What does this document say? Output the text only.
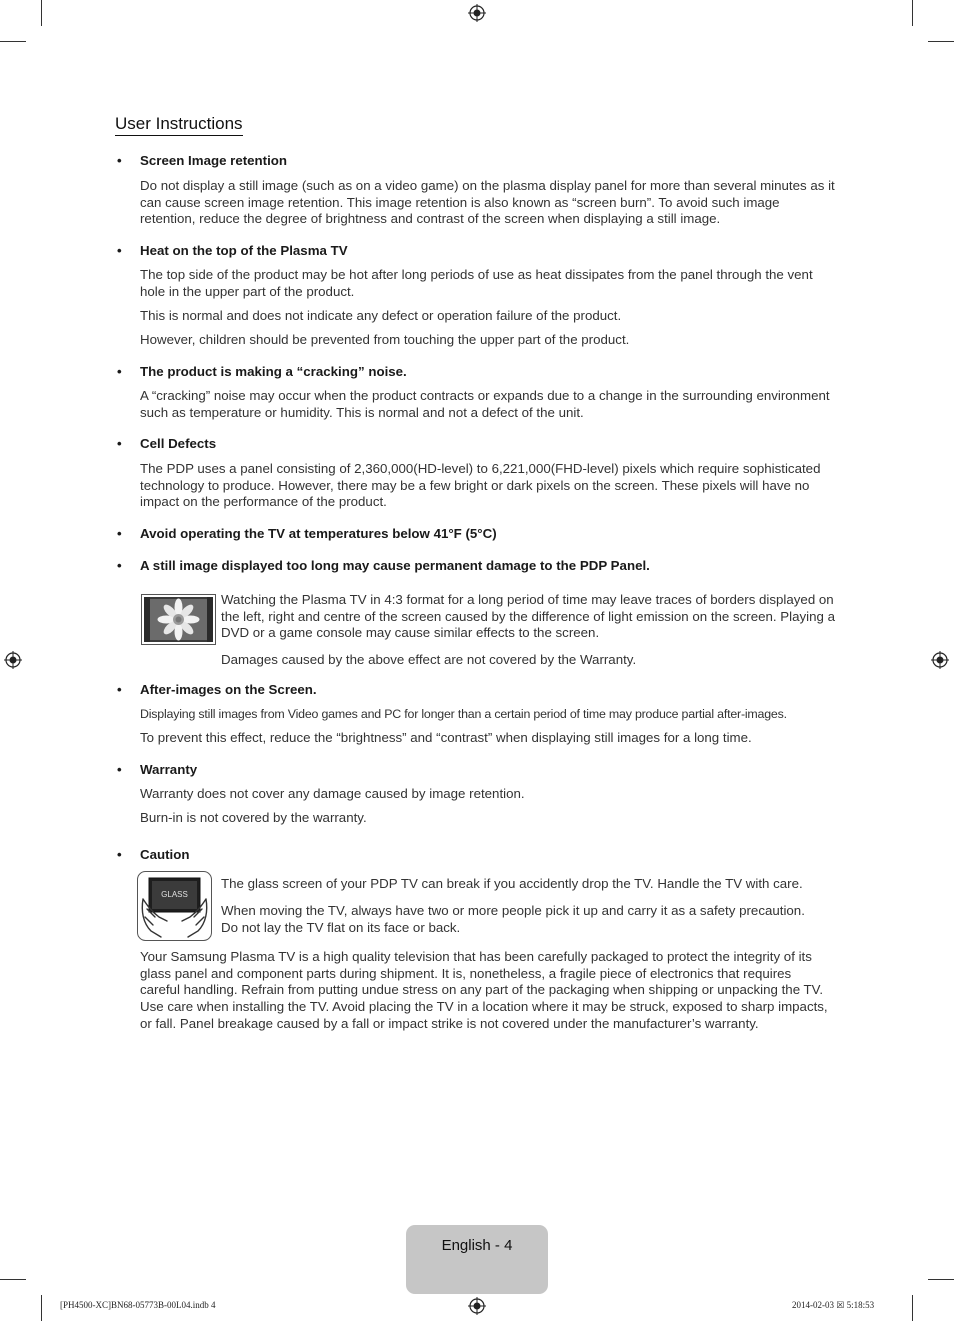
User Instructions
• Screen Image retention

Do not display a still image (such as on a video game) on the plasma display panel for more than several minutes as it can cause screen image retention. This image retention is also known as “screen burn”. To avoid such image retention, reduce the degree of brightness and contrast of the screen when displaying a still image.

• Heat on the top of the Plasma TV

The top side of the product may be hot after long periods of use as heat dissipates from the panel through the vent hole in the upper part of the product.

This is normal and does not indicate any defect or operation failure of the product.

However, children should be prevented from touching the upper part of the product.

• The product is making a “cracking” noise.

A “cracking” noise may occur when the product contracts or expands due to a change in the surrounding environment such as temperature or humidity. This is normal and not a defect of the unit.

• Cell Defects

The PDP uses a panel consisting of 2,360,000(HD-level) to 6,221,000(FHD-level) pixels which require sophisticated technology to produce. However, there may be a few bright or dark pixels on the screen. These pixels will have no impact on the performance of the product.

• Avoid operating the TV at temperatures below 41°F (5°C)
• A still image displayed too long may cause permanent damage to the PDP Panel.

Watching the Plasma TV in 4:3 format for a long period of time may leave traces of borders displayed on the left, right and centre of the screen caused by the difference of light emission on the screen. Playing a DVD or a game console may cause similar effects to the screen.

Damages caused by the above effect are not covered by the Warranty.

• After-images on the Screen.

Displaying still images from Video games and PC for longer than a certain period of time may produce partial after-images.

To prevent this effect, reduce the “brightness” and “contrast” when displaying still images for a long time.

• Warranty

Warranty does not cover any damage caused by image retention.

Burn-in is not covered by the warranty.

• Caution
GLASS

The glass screen of your PDP TV can break if you accidently drop the TV. Handle the TV with care.

When moving the TV, always have two or more people pick it up and carry it as a safety precaution. Do not lay the TV flat on its face or back.

Your Samsung Plasma TV is a high quality television that has been carefully packaged to protect the integrity of its glass panel and component parts during shipment. It is, nonetheless, a fragile piece of electronics that requires careful handling. Refrain from putting undue stress on any part of the packaging when shipping or unpacking the TV. Use care when installing the TV. Avoid placing the TV in a location where it may be struck, exposed to sharp impacts, or fall. Panel breakage caused by a fall or impact strike is not covered under the manufacturer’s warranty.

English - 4
[PH4500-XC]BN68-05773B-00L04.indb 4	2014-02-03 ☒ 5:18:53
